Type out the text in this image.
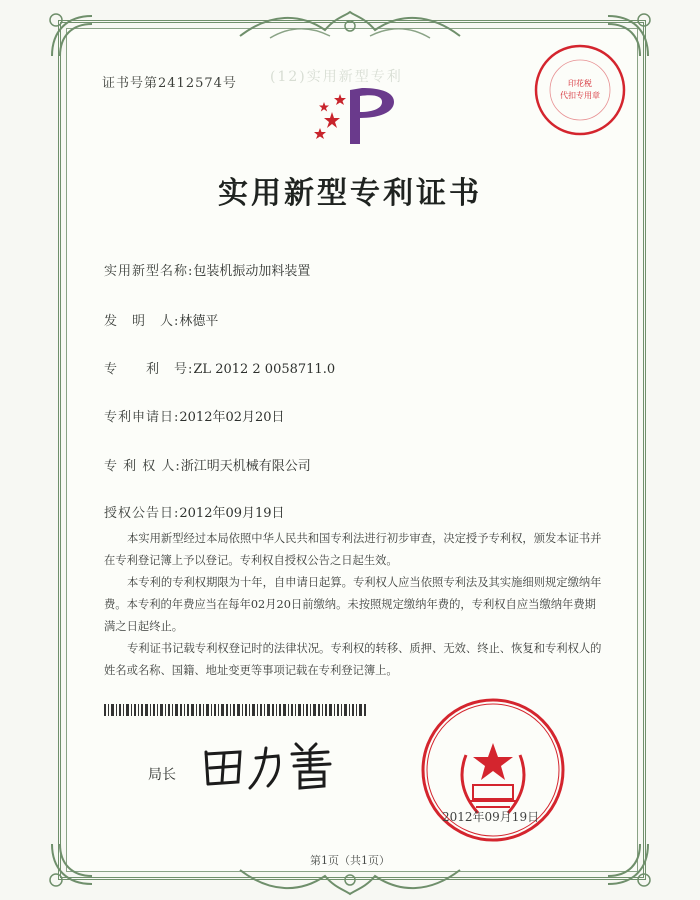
证书号第2412574号 (12)实用新型专利	印花税
代扣专用章
实用新型专利证书
实用新型名称:包装机振动加料装置
发　明　人:林德平
专　　利　号:ZL 2012 2 0058711.0
专利申请日:2012年02月20日
专 利 权 人:浙江明天机械有限公司
授权公告日:2012年09月19日

本实用新型经过本局依照中华人民共和国专利法进行初步审查，决定授予专利权，颁发本证书并在专利登记簿上予以登记。专利权自授权公告之日起生效。

本专利的专利权期限为十年，自申请日起算。专利权人应当依照专利法及其实施细则规定缴纳年费。本专利的年费应当在每年02月20日前缴纳。未按照规定缴纳年费的，专利权自应当缴纳年费期满之日起终止。

专利证书记载专利权登记时的法律状况。专利权的转移、质押、无效、终止、恢复和专利权人的姓名或名称、国籍、地址变更等事项记载在专利登记簿上。

局长
2012年09月19日
第1页（共1页）
